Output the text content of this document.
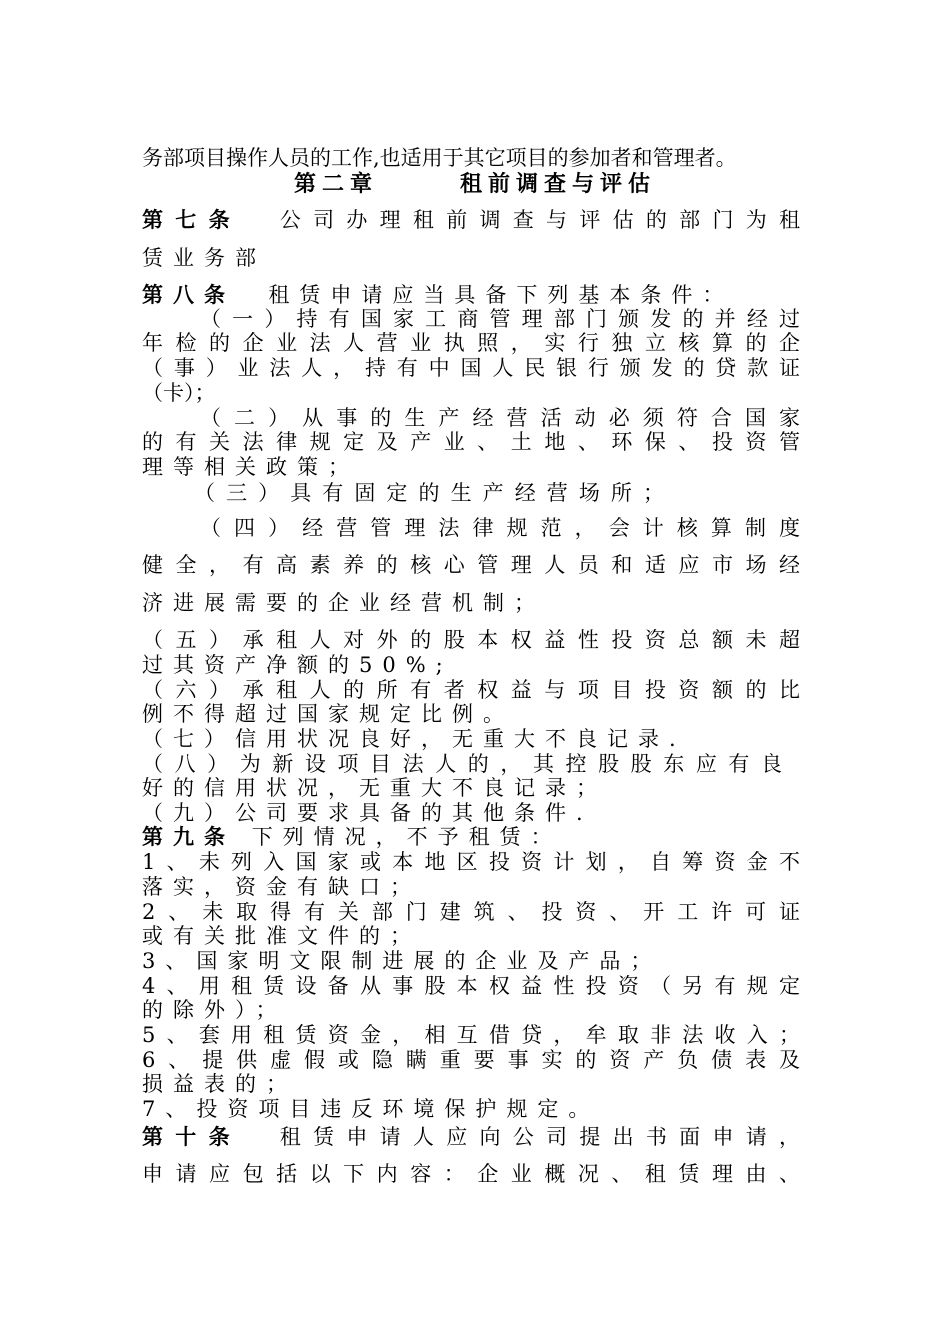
务部项目操作人员的工作,也适用于其它项目的参加者和管理者。

第二章      租前调查与评估

第七条 公司办理租前调查与评估的部门为租

赁业务部

第八条 租赁申请应当具备下列基本条件：

（一）持有国家工商管理部门颁发的并经过

年检的企业法人营业执照，实行独立核算的企

（事）业法人，持有中国人民银行颁发的贷款证

（卡）；

（二）从事的生产经营活动必须符合国家

的有关法律规定及产业、土地、环保、投资管

理等相关政策；

（三）具有固定的生产经营场所；

（四）经营管理法律规范，会计核算制度

健全，有高素养的核心管理人员和适应市场经

济进展需要的企业经营机制；

（五）承租人对外的股本权益性投资总额未超

过其资产净额的50%;

（六）承租人的所有者权益与项目投资额的比

例不得超过国家规定比例。

（七）信用状况良好，无重大不良记录.

（八）为新设项目法人的，其控股股东应有良

好的信用状况，无重大不良记录；

（九）公司要求具备的其他条件.

第九条 下列情况，不予租赁：

1、未列入国家或本地区投资计划，自筹资金不

落实，资金有缺口；

2、未取得有关部门建筑、投资、开工许可证

或有关批准文件的；

3、国家明文限制进展的企业及产品；

4、用租赁设备从事股本权益性投资（另有规定

的除外）；

5、套用租赁资金，相互借贷，牟取非法收入；

6、提供虚假或隐瞒重要事实的资产负债表及

损益表的；

7、投资项目违反环境保护规定。

第十条 租赁申请人应向公司提出书面申请，

申请应包括以下内容：企业概况、租赁理由、
